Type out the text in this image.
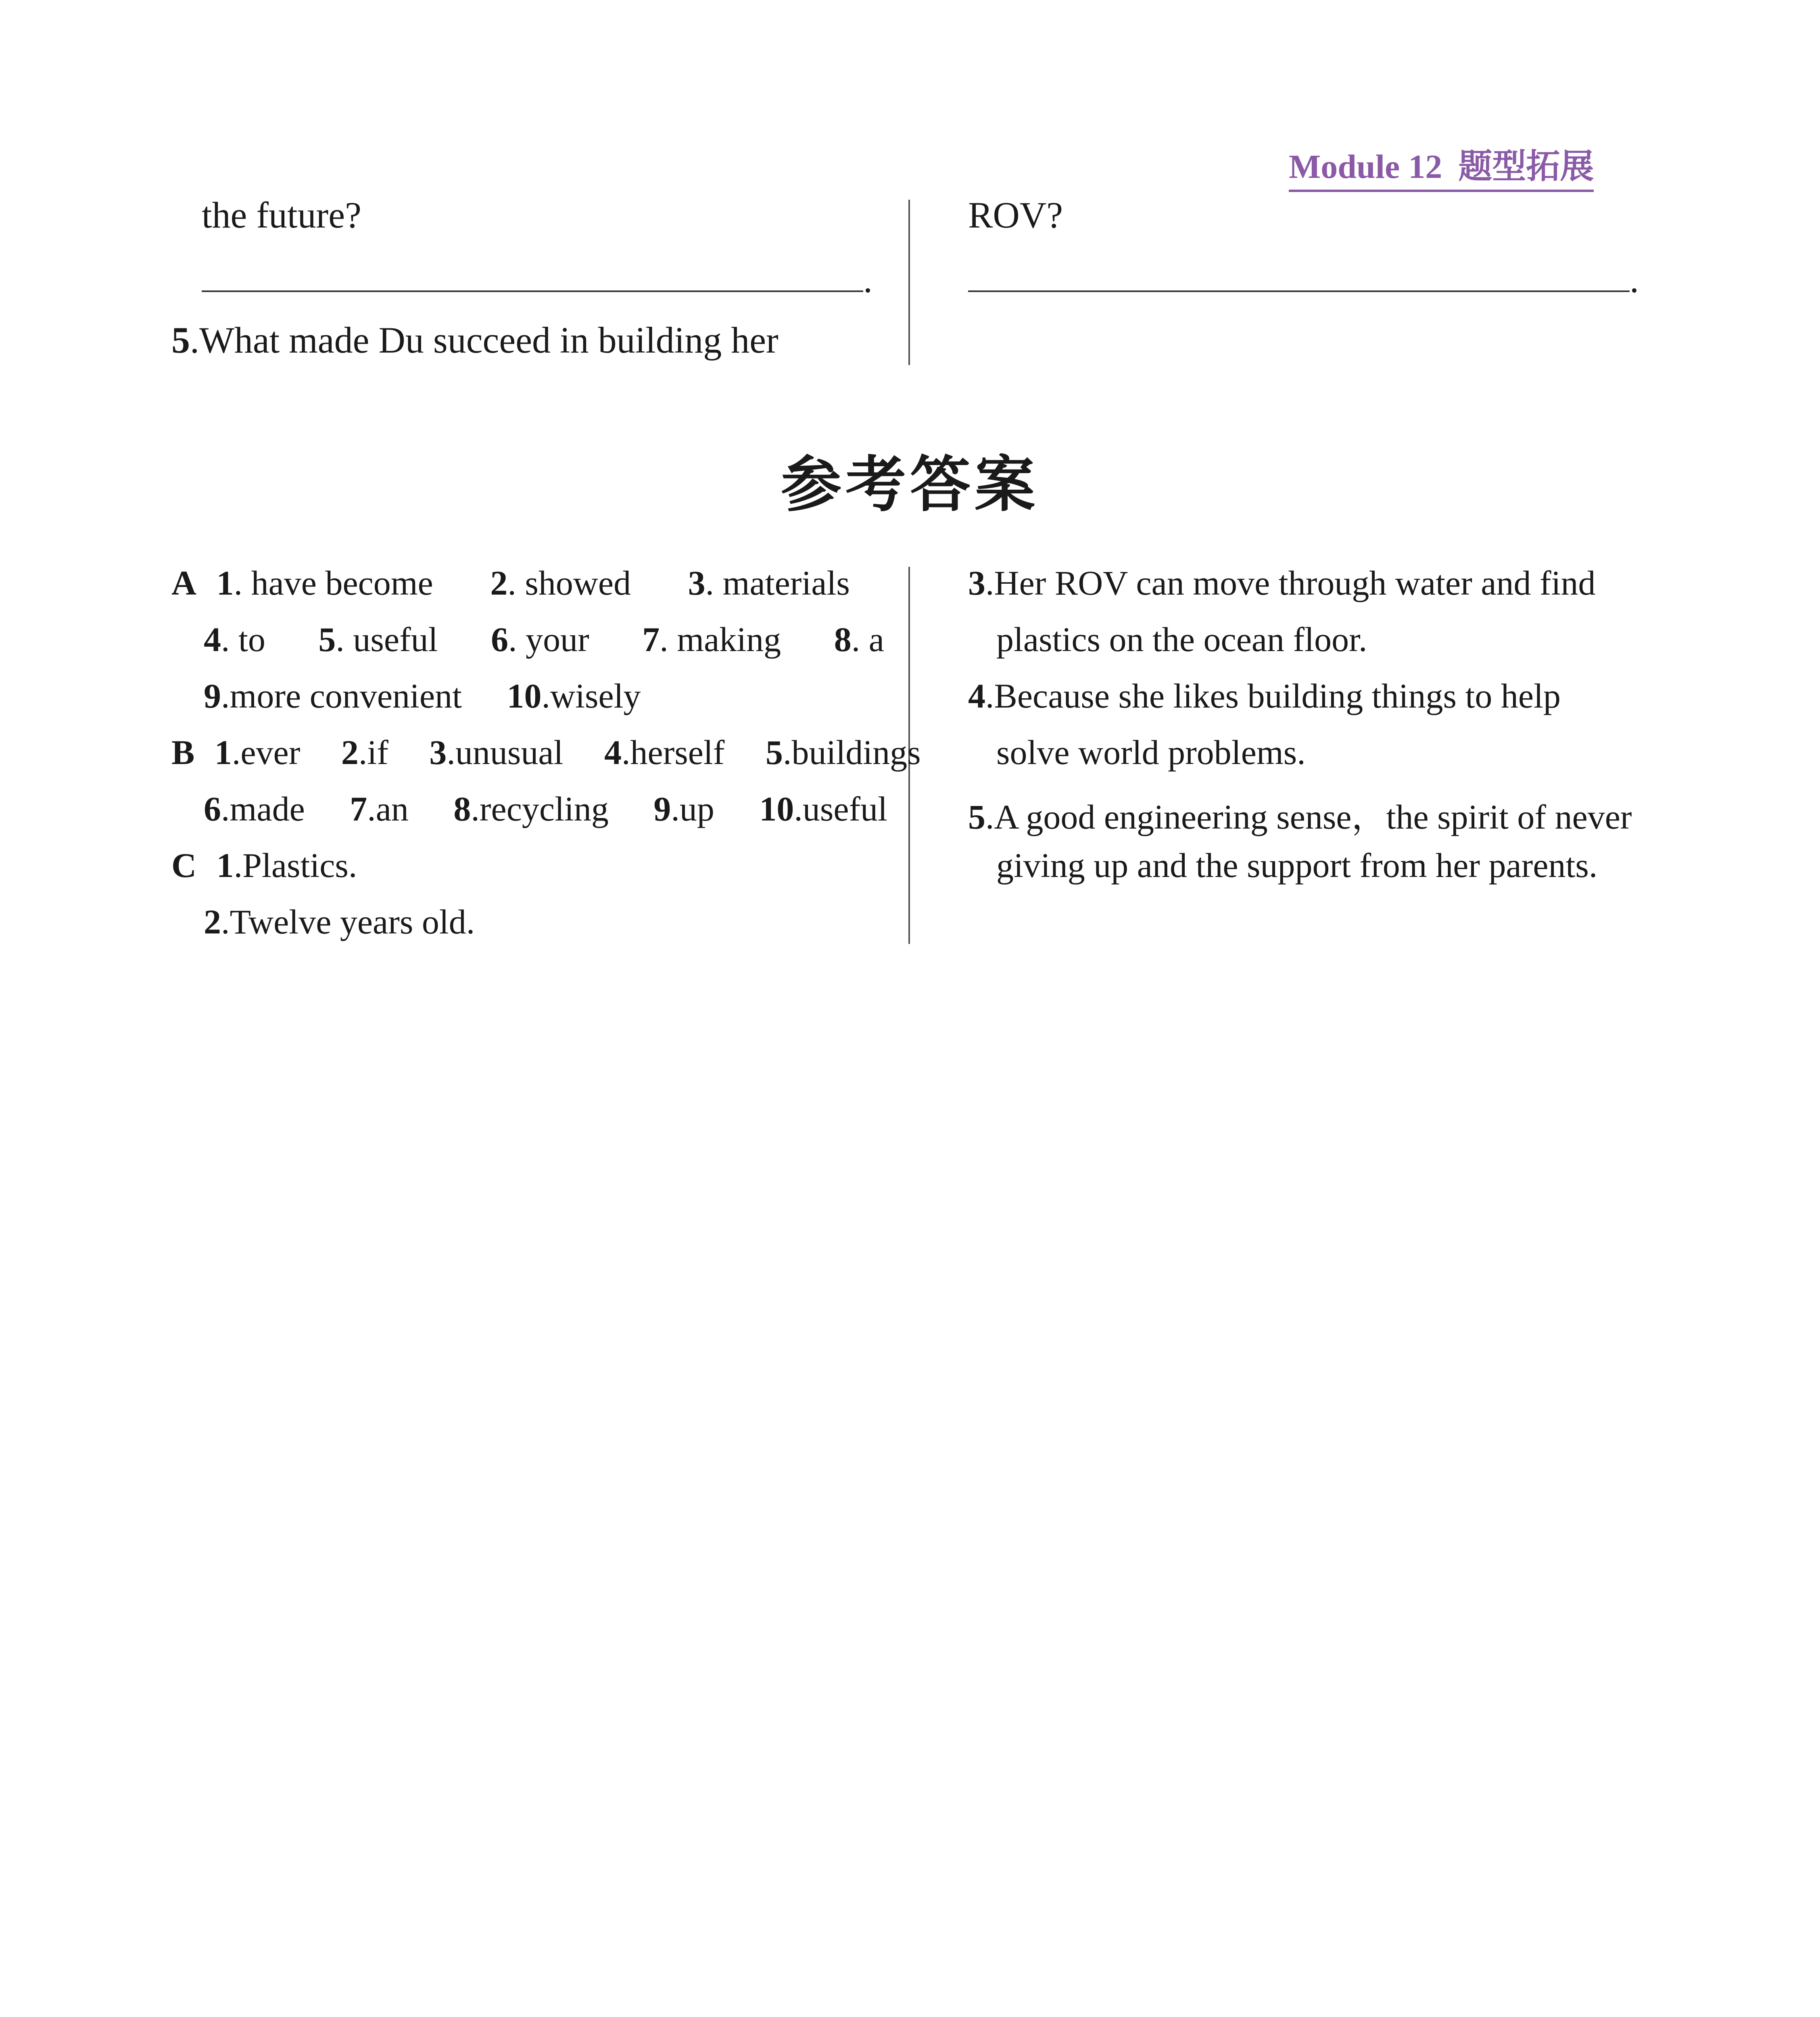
Module 12 题型拓展
the future?
.
5.What made Du succeed in building her
ROV?
.
参考答案
A 1. have become 2. showed 3. materials
4. to 5. useful 6. your 7. making 8. a
9.more convenient 10.wisely
B 1.ever 2.if 3.unusual 4.herself 5.buildings
6.made 7.an 8.recycling 9.up 10.useful
C 1.Plastics.
2.Twelve years old.
3.Her ROV can move through water and find
plastics on the ocean floor.
4.Because she likes building things to help
solve world problems.
5.A good engineering sense，the spirit of never
giving up and the support from her parents.
